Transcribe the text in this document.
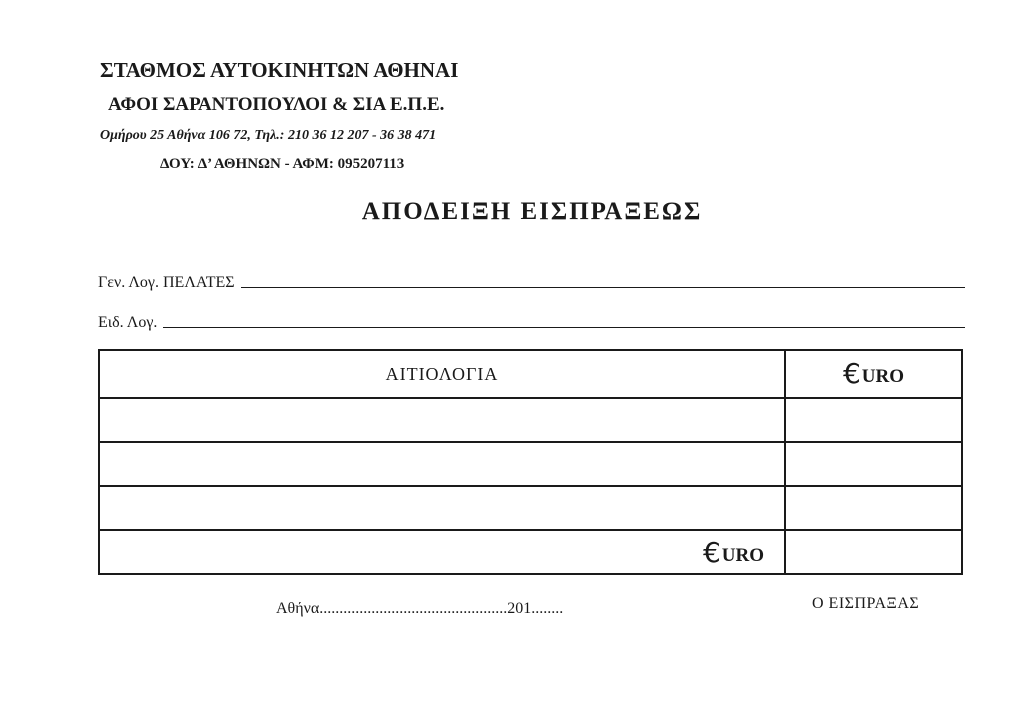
ΣΤΑΘΜΟΣ ΑΥΤΟΚΙΝΗΤΩΝ ΑΘΗΝΑΙ
ΑΦΟΙ ΣΑΡΑΝΤΟΠΟΥΛΟΙ & ΣΙΑ Ε.Π.Ε.
Ομήρου 25 Αθήνα 106 72, Τηλ.: 210 36 12 207 - 36 38 471
ΔΟΥ: Δ’ ΑΘΗΝΩΝ - ΑΦΜ: 095207113
ΑΠΟΔΕΙΞΗ ΕΙΣΠΡΑΞΕΩΣ
Γεν. Λογ. ΠΕΛΑΤΕΣ
Ειδ. Λογ.
ΑΙΤΙΟΛΟΓΙΑ	€ URO
€ URO
Αθήνα...............................................201........	Ο ΕΙΣΠΡΑΞΑΣ
